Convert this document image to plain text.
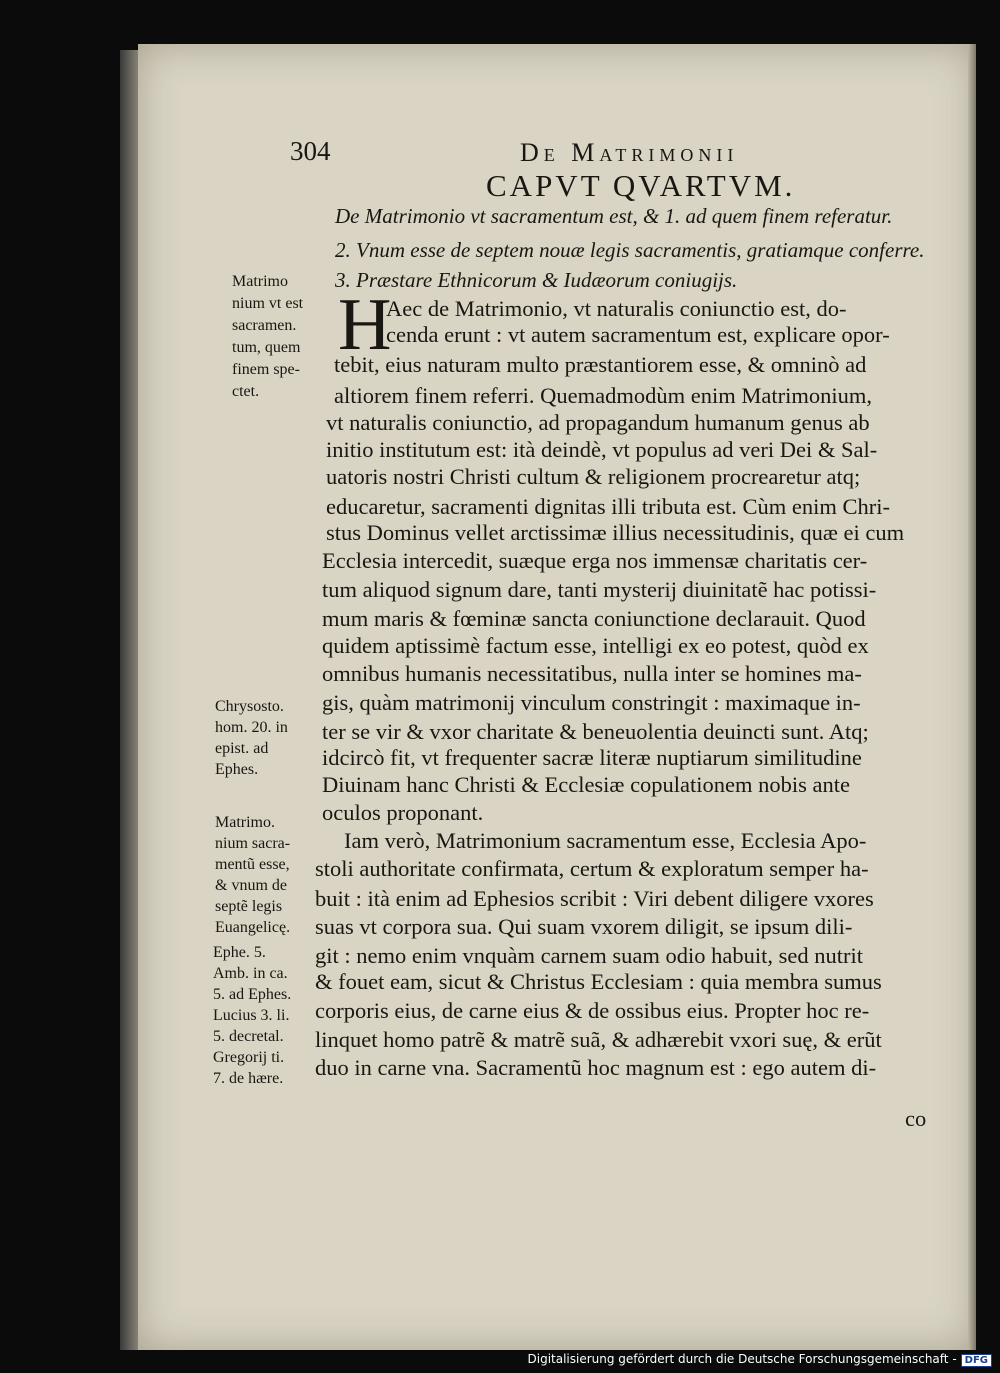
304	De Matrimonii
CAPVT QVARTVM.
De Matrimonio vt sacramentum est, & 1. ad quem finem referatur.
2. Vnum esse de septem nouæ legis sacramentis, gratiamque conferre.
3. Præstare Ethnicorum & Iudæorum coniugijs.
H
Aec de Matrimonio, vt naturalis coniunctio est, do-
cenda erunt : vt autem sacramentum est, explicare opor-
tebit, eius naturam multo præstantiorem esse, & omninò ad
altiorem finem referri. Quemadmodùm enim Matrimonium,
vt naturalis coniunctio, ad propagandum humanum genus ab
initio institutum est: ità deindè, vt populus ad veri Dei & Sal-
uatoris nostri Christi cultum & religionem procrearetur atq;
educaretur, sacramenti dignitas illi tributa est. Cùm enim Chri-
stus Dominus vellet arctissimæ illius necessitudinis, quæ ei cum
Ecclesia intercedit, suæque erga nos immensæ charitatis cer-
tum aliquod signum dare, tanti mysterij diuinitatẽ hac potissi-
mum maris & fœminæ sancta coniunctione declarauit. Quod
quidem aptissimè factum esse, intelligi ex eo potest, quòd ex
omnibus humanis necessitatibus, nulla inter se homines ma-
gis, quàm matrimonij vinculum constringit : maximaque in-
ter se vir & vxor charitate & beneuolentia deuincti sunt. Atq;
idcircò fit, vt frequenter sacræ literæ nuptiarum similitudine
Diuinam hanc Christi & Ecclesiæ copulationem nobis ante
oculos proponant.
Iam verò, Matrimonium sacramentum esse, Ecclesia Apo-
stoli authoritate confirmata, certum & exploratum semper ha-
buit : ità enim ad Ephesios scribit : Viri debent diligere vxores
suas vt corpora sua. Qui suam vxorem diligit, se ipsum dili-
git : nemo enim vnquàm carnem suam odio habuit, sed nutrit
& fouet eam, sicut & Christus Ecclesiam : quia membra sumus
corporis eius, de carne eius & de ossibus eius. Propter hoc re-
linquet homo patrẽ & matrẽ suã, & adhærebit vxori suę, & erũt
duo in carne vna. Sacramentũ hoc magnum est : ego autem di-
co
Matrimo
nium vt est
sacramen.
tum, quem
finem spe-
ctet.
Chrysosto.
hom. 20. in
epist. ad
Ephes.
Matrimo.
nium sacra-
mentũ esse,
& vnum de
septẽ legis
Euangelicę.
Ephe. 5.
Amb. in ca.
5. ad Ephes.
Lucius 3. li.
5. decretal.
Gregorij ti.
7. de hære.
Digitalisierung gefördert durch die Deutsche Forschungsgemeinschaft - DFG
